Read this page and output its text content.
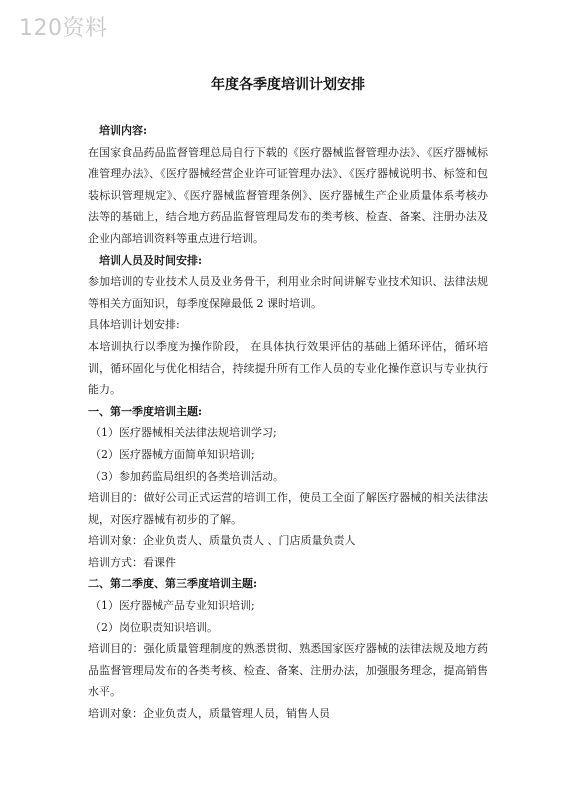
120资料
年度各季度培训计划安排

培训内容:

在国家食品药品监督管理总局自行下载的《医疗器械监督管理办法》、《医疗器械标准管理办法》、《医疗器械经营企业许可证管理办法》、《医疗器械说明书、标签和包装标识管理规定》、《医疗器械监督管理条例》、医疗器械生产企业质量体系考核办法等的基础上，结合地方药品监督管理局发布的类考核、检查、备案、注册办法及企业内部培训资料等重点进行培训。

培训人员及时间安排:

参加培训的专业技术人员及业务骨干，利用业余时间讲解专业技术知识、法律法规等相关方面知识，每季度保障最低 2 课时培训。

具体培训计划安排:

本培训执行以季度为操作阶段， 在具体执行效果评估的基础上循环评估，循环培训，循环固化与优化相结合，持续提升所有工作人员的专业化操作意识与专业执行能力。

一、第一季度培训主题:

（1）医疗器械相关法律法规培训学习;

（2）医疗器械方面简单知识培训;

（3）参加药监局组织的各类培训活动。

培训目的：做好公司正式运营的培训工作，使员工全面了解医疗器械的相关法律法规，对医疗器械有初步的了解。

培训对象：企业负责人、质量负责人 、门店质量负责人

培训方式：看课件

二、第二季度、第三季度培训主题:

（1）医疗器械产品专业知识培训;

（2）岗位职责知识培训。

培训目的：强化质量管理制度的熟悉贯彻、熟悉国家医疗器械的法律法规及地方药品监督管理局发布的各类考核、检查、备案、注册办法，加强服务理念，提高销售水平。

培训对象：企业负责人，质量管理人员，销售人员
